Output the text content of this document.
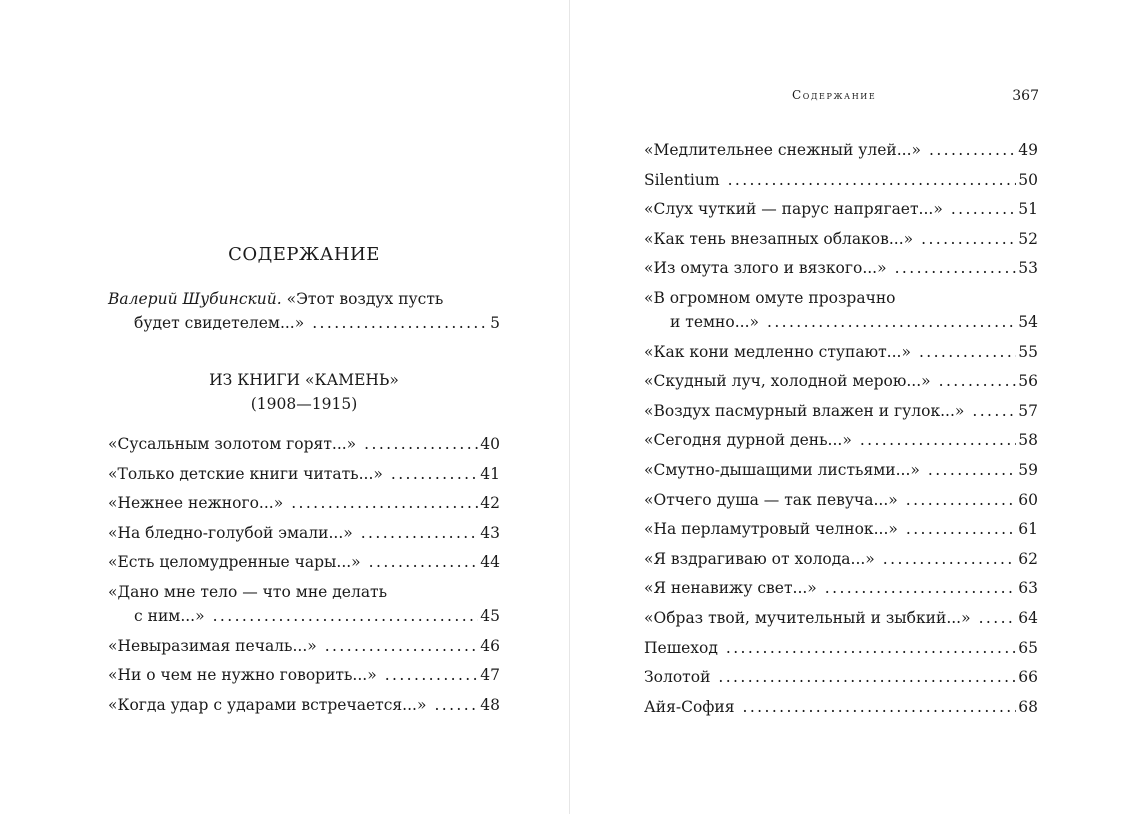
СОДЕРЖАНИЕ
Валерий Шубинский. «Этот воздух пусть
будет свидетелем...» .....	5
ИЗ КНИГИ «КАМЕНЬ»
(1908—1915)
«Сусальным золотом горят...» .....	40
«Только детские книги читать...» .....	41
«Нежнее нежного...» .....	42
«На бледно-голубой эмали...» .....	43
«Есть целомудренные чары...» .....	44
«Дано мне тело — что мне делать
с ним...» .....	45
«Невыразимая печаль...» .....	46
«Ни о чем не нужно говорить...» .....	47
«Когда удар с ударами встречается...» .....	48
Содержание	367
«Медлительнее снежный улей...» .....	49
Silentium .....	50
«Слух чуткий — парус напрягает...» .....	51
«Как тень внезапных облаков...» .....	52
«Из омута злого и вязкого...» .....	53
«В огромном омуте прозрачно
и темно...» .....	54
«Как кони медленно ступают...» .....	55
«Скудный луч, холодной мерою...» .....	56
«Воздух пасмурный влажен и гулок...» .....	57
«Сегодня дурной день...» .....	58
«Смутно-дышащими листьями...» .....	59
«Отчего душа — так певуча...» .....	60
«На перламутровый челнок...» .....	61
«Я вздрагиваю от холода...» .....	62
«Я ненавижу свет...» .....	63
«Образ твой, мучительный и зыбкий...» .....	64
Пешеход .....	65
Золотой .....	66
Айя-София .....	68
